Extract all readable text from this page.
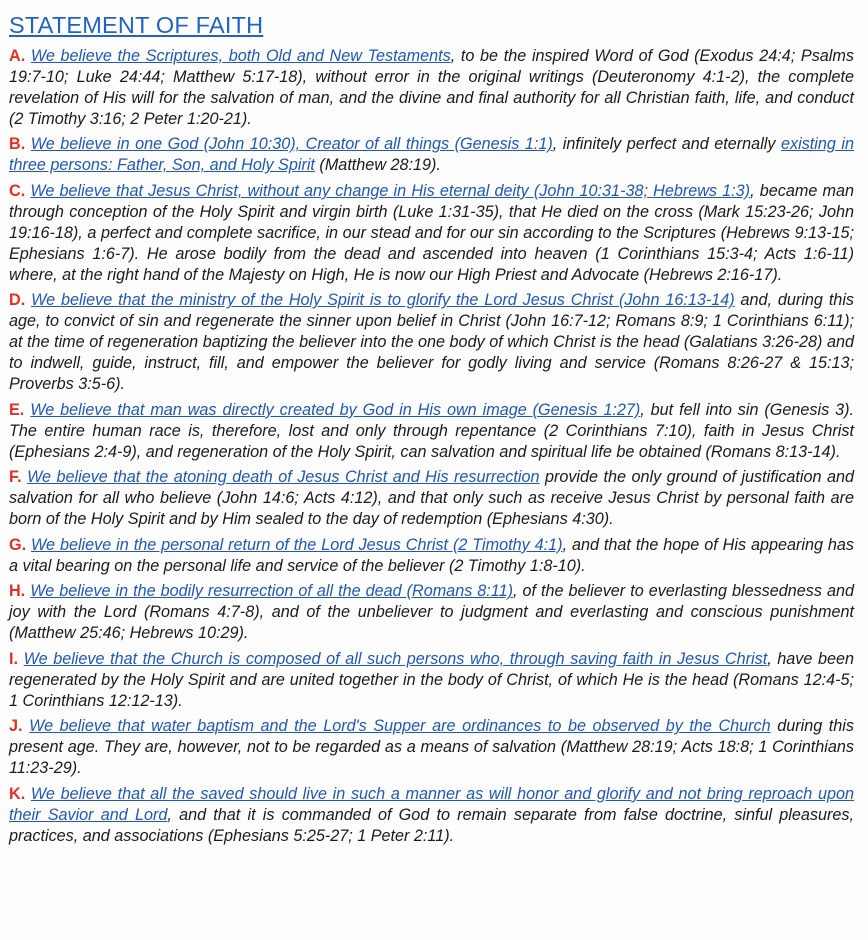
STATEMENT OF FAITH

A. We believe the Scriptures, both Old and New Testaments, to be the inspired Word of God (Exodus 24:4; Psalms 19:7-10; Luke 24:44; Matthew 5:17-18), without error in the original writings (Deuteronomy 4:1-2), the complete revelation of His will for the salvation of man, and the divine and final authority for all Christian faith, life, and conduct (2 Timothy 3:16; 2 Peter 1:20-21).

B. We believe in one God (John 10:30), Creator of all things (Genesis 1:1), infinitely perfect and eternally existing in three persons: Father, Son, and Holy Spirit (Matthew 28:19).

C. We believe that Jesus Christ, without any change in His eternal deity (John 10:31-38; Hebrews 1:3), became man through conception of the Holy Spirit and virgin birth (Luke 1:31-35), that He died on the cross (Mark 15:23-26; John 19:16-18), a perfect and complete sacrifice, in our stead and for our sin according to the Scriptures (Hebrews 9:13-15; Ephesians 1:6-7). He arose bodily from the dead and ascended into heaven (1 Corinthians 15:3-4; Acts 1:6-11) where, at the right hand of the Majesty on High, He is now our High Priest and Advocate (Hebrews 2:16-17).

D. We believe that the ministry of the Holy Spirit is to glorify the Lord Jesus Christ (John 16:13-14) and, during this age, to convict of sin and regenerate the sinner upon belief in Christ (John 16:7-12; Romans 8:9; 1 Corinthians 6:11); at the time of regeneration baptizing the believer into the one body of which Christ is the head (Galatians 3:26-28) and to indwell, guide, instruct, fill, and empower the believer for godly living and service (Romans 8:26-27 & 15:13; Proverbs 3:5-6).

E. We believe that man was directly created by God in His own image (Genesis 1:27), but fell into sin (Genesis 3). The entire human race is, therefore, lost and only through repentance (2 Corinthians 7:10), faith in Jesus Christ (Ephesians 2:4-9), and regeneration of the Holy Spirit, can salvation and spiritual life be obtained (Romans 8:13-14).

F. We believe that the atoning death of Jesus Christ and His resurrection provide the only ground of justification and salvation for all who believe (John 14:6; Acts 4:12), and that only such as receive Jesus Christ by personal faith are born of the Holy Spirit and by Him sealed to the day of redemption (Ephesians 4:30).

G. We believe in the personal return of the Lord Jesus Christ (2 Timothy 4:1), and that the hope of His appearing has a vital bearing on the personal life and service of the believer (2 Timothy 1:8-10).

H. We believe in the bodily resurrection of all the dead (Romans 8:11), of the believer to everlasting blessedness and joy with the Lord (Romans 4:7-8), and of the unbeliever to judgment and everlasting and conscious punishment (Matthew 25:46; Hebrews 10:29).

I. We believe that the Church is composed of all such persons who, through saving faith in Jesus Christ, have been regenerated by the Holy Spirit and are united together in the body of Christ, of which He is the head (Romans 12:4-5; 1 Corinthians 12:12-13).

J. We believe that water baptism and the Lord's Supper are ordinances to be observed by the Church during this present age. They are, however, not to be regarded as a means of salvation (Matthew 28:19; Acts 18:8; 1 Corinthians 11:23-29).

K. We believe that all the saved should live in such a manner as will honor and glorify and not bring reproach upon their Savior and Lord, and that it is commanded of God to remain separate from false doctrine, sinful pleasures, practices, and associations (Ephesians 5:25-27; 1 Peter 2:11).
